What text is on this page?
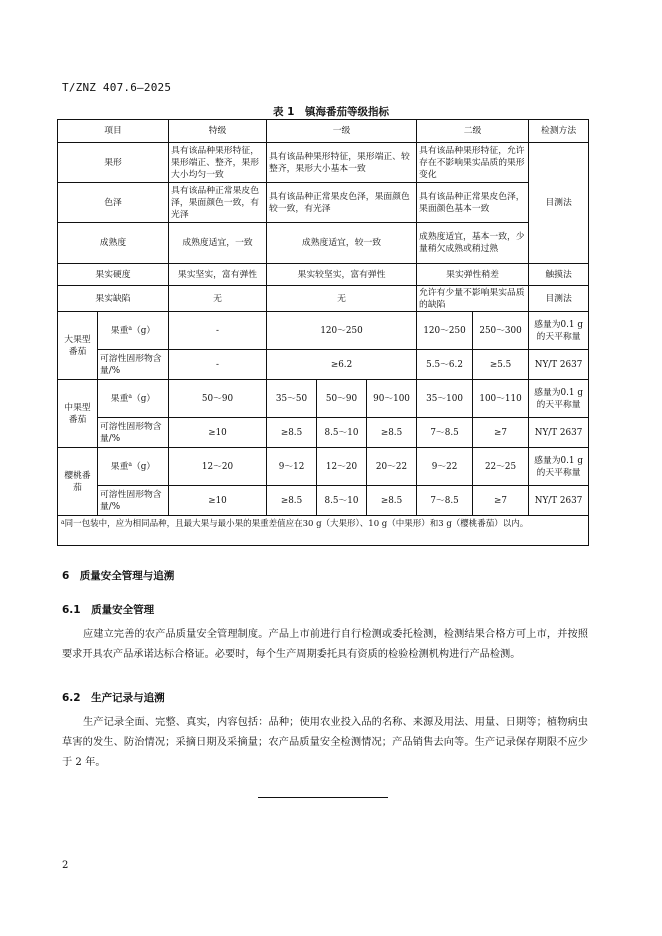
T/ZNZ 407.6—2025
表 1　镇海番茄等级指标
项目		特级	一级			二级		检测方法
果形		具有该品种果形特征，果形端正、整齐，果形大小均匀一致	具有该品种果形特征，果形端正、较整齐，果形大小基本一致			具有该品种果形特征，允许存在不影响果实品质的果形变化		目测法
色泽		具有该品种正常果皮色泽，果面颜色一致，有光泽	具有该品种正常果皮色泽，果面颜色较一致，有光泽			具有该品种正常果皮色泽，果面颜色基本一致		
成熟度		成熟度适宜，一致	成熟度适宜，较一致			成熟度适宜，基本一致，少量稍欠成熟或稍过熟		
果实硬度		果实坚实，富有弹性	果实较坚实，富有弹性			果实弹性稍差		触摸法
果实缺陷		无	无			允许有少量不影响果实品质的缺陷		目测法
大果型番茄	果重$^a$（g）	-	120～250			120～250	250～300	感量为0.1 g的天平称量
	可溶性固形物含量/%	-	≥6.2			5.5～6.2	≥5.5	NY/T 2637
中果型番茄	果重$^a$（g）	50～90	35～50	50～90	90～100	35～100	100～110	感量为0.1 g的天平称量
	可溶性固形物含量/%	≥10	≥8.5	8.5～10	≥8.5	7～8.5	≥7	NY/T 2637
樱桃番茄	果重$^a$（g）	12～20	9～12	12～20	20～22	9～22	22～25	感量为0.1 g的天平称量
	可溶性固形物含量/%	≥10	≥8.5	8.5～10	≥8.5	7～8.5	≥7	NY/T 2637
$^a$同一包装中，应为相同品种，且最大果与最小果的果重差值应在30 g（大果形）、10 g（中果形）和3 g（樱桃番茄）以内。								
6　质量安全管理与追溯
6.1　质量安全管理
应建立完善的农产品质量安全管理制度。产品上市前进行自行检测或委托检测，检测结果合格方可上市，并按照要求开具农产品承诺达标合格证。必要时，每个生产周期委托具有资质的检验检测机构进行产品检测。
6.2　生产记录与追溯
生产记录全面、完整、真实，内容包括：品种；使用农业投入品的名称、来源及用法、用量、日期等；植物病虫草害的发生、防治情况；采摘日期及采摘量；农产品质量安全检测情况；产品销售去向等。生产记录保存期限不应少于 2 年。
2
